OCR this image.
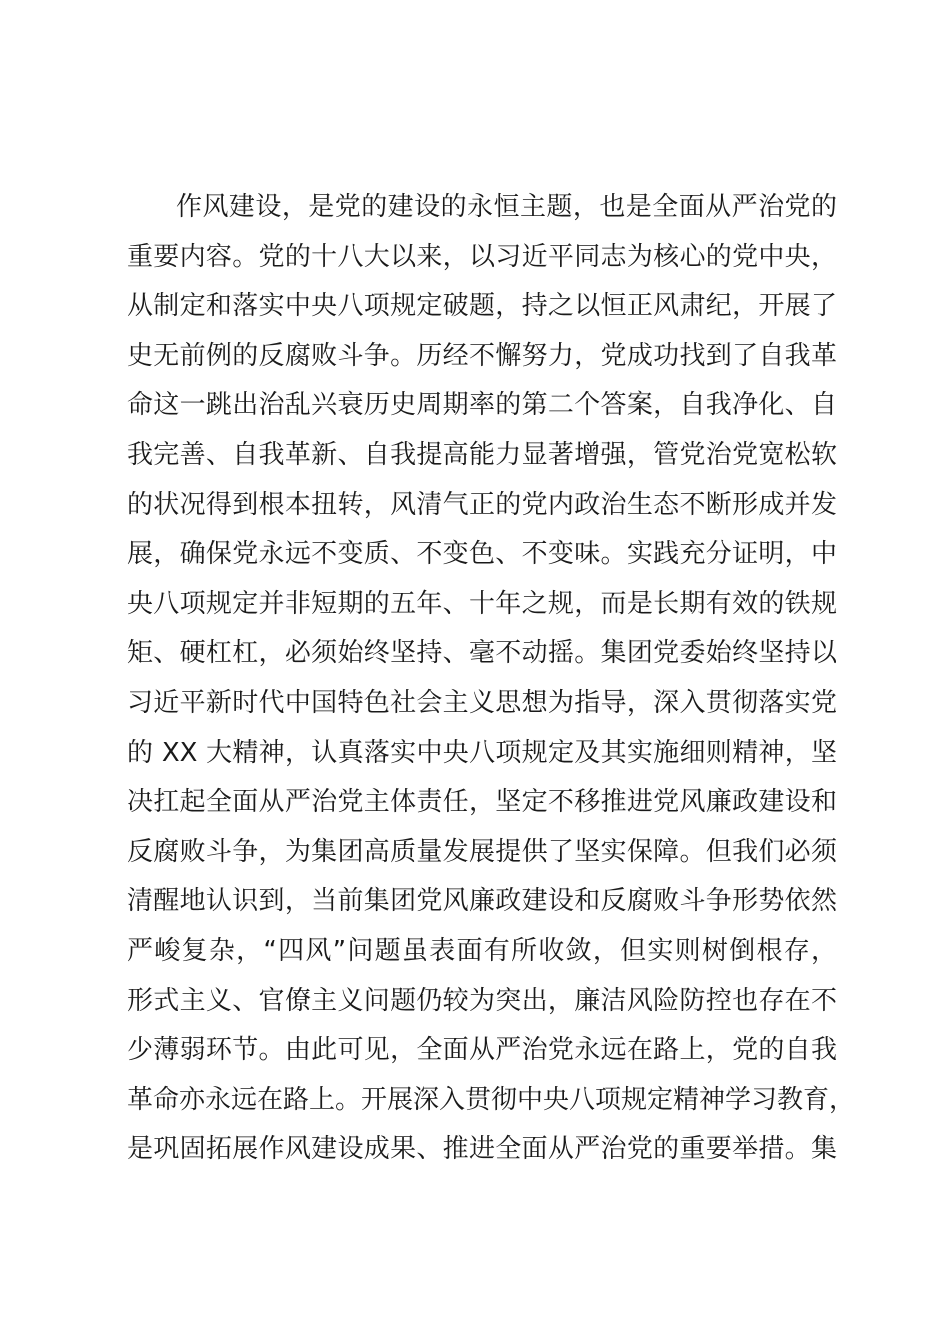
作风建设，是党的建设的永恒主题，也是全面从严治党的
重要内容。党的十八大以来，以习近平同志为核心的党中央，
从制定和落实中央八项规定破题，持之以恒正风肃纪，开展了
史无前例的反腐败斗争。历经不懈努力，党成功找到了自我革
命这一跳出治乱兴衰历史周期率的第二个答案，自我净化、自
我完善、自我革新、自我提高能力显著增强，管党治党宽松软
的状况得到根本扭转，风清气正的党内政治生态不断形成并发
展，确保党永远不变质、不变色、不变味。实践充分证明，中
央八项规定并非短期的五年、十年之规，而是长期有效的铁规
矩、硬杠杠，必须始终坚持、毫不动摇。集团党委始终坚持以
习近平新时代中国特色社会主义思想为指导，深入贯彻落实党
的 XX 大精神，认真落实中央八项规定及其实施细则精神，坚
决扛起全面从严治党主体责任，坚定不移推进党风廉政建设和
反腐败斗争，为集团高质量发展提供了坚实保障。但我们必须
清醒地认识到，当前集团党风廉政建设和反腐败斗争形势依然
严峻复杂，“四风”问题虽表面有所收敛，但实则树倒根存，
形式主义、官僚主义问题仍较为突出，廉洁风险防控也存在不
少薄弱环节。由此可见，全面从严治党永远在路上，党的自我
革命亦永远在路上。开展深入贯彻中央八项规定精神学习教育，
是巩固拓展作风建设成果、推进全面从严治党的重要举措。集
